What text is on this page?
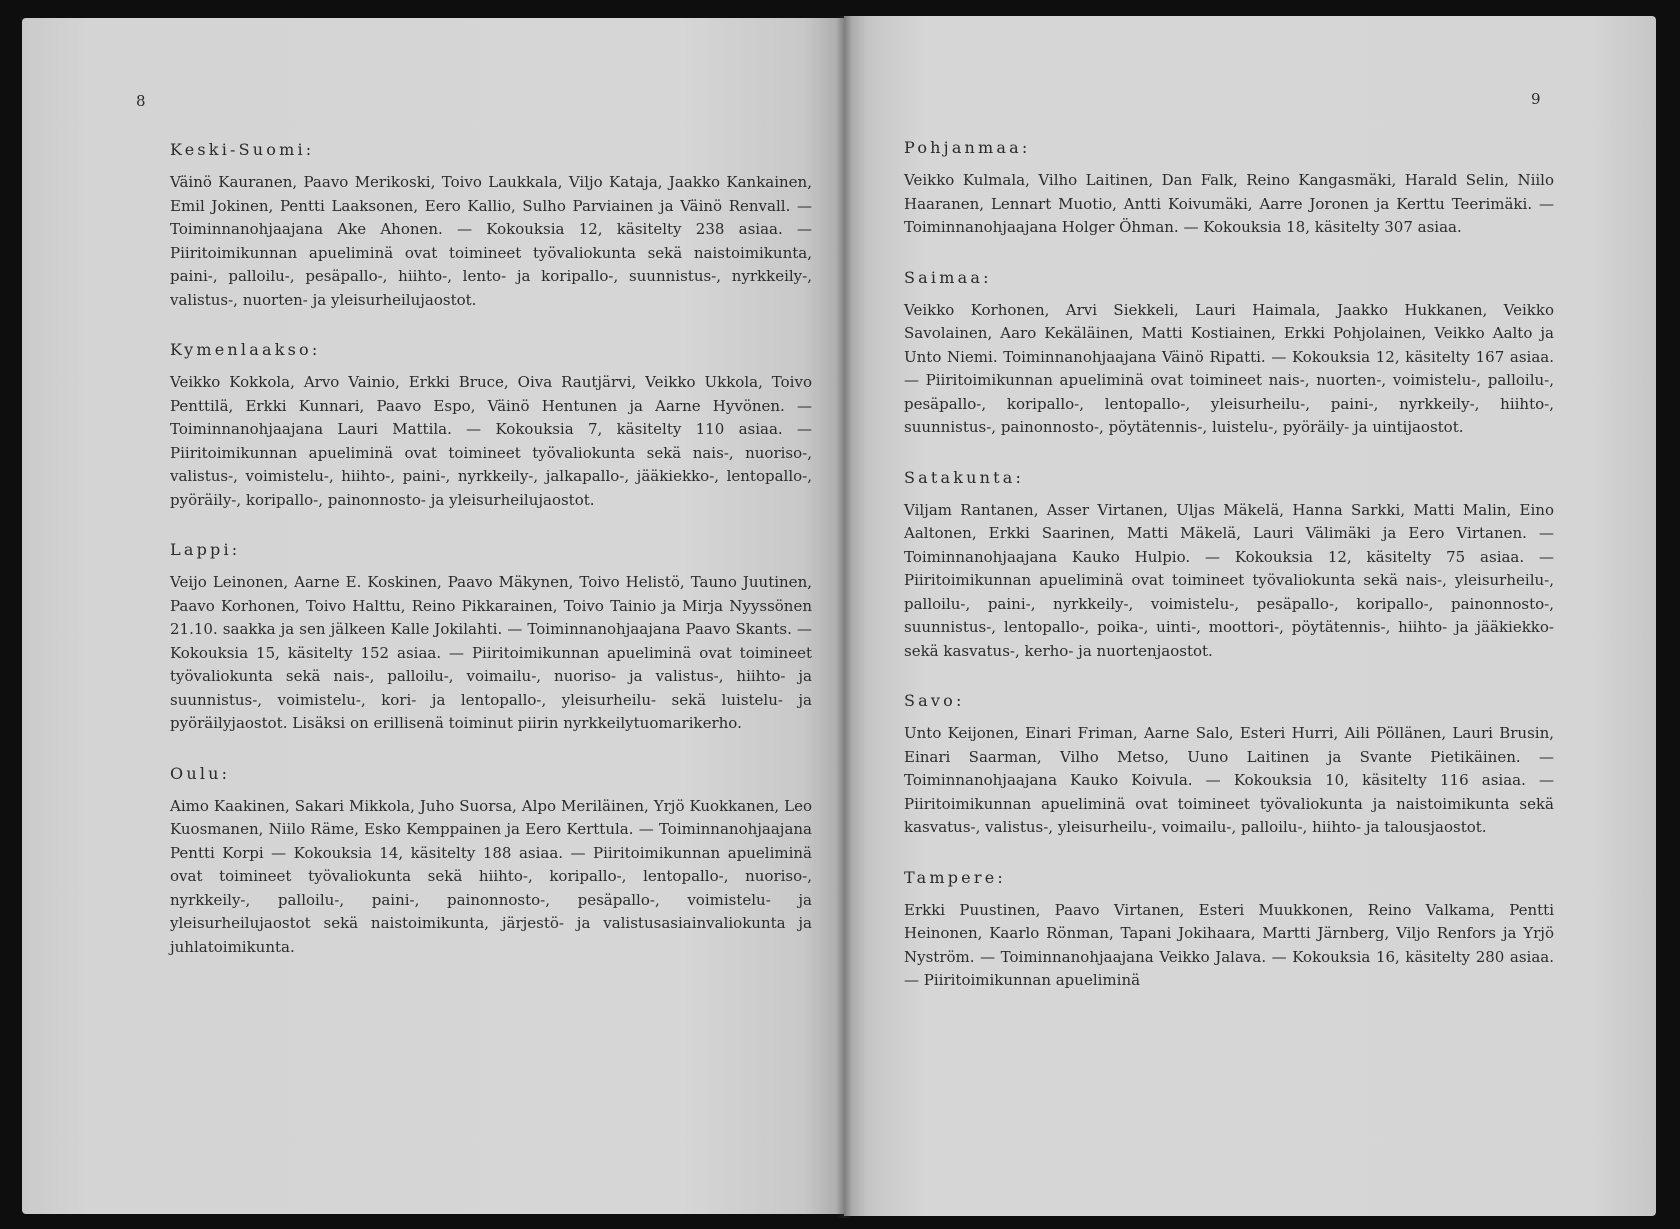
8

Keski-Suomi:

Väinö Kauranen, Paavo Merikoski, Toivo Laukkala, Viljo Kataja, Jaakko Kankainen, Emil Jokinen, Pentti Laaksonen, Eero Kallio, Sulho Parviainen ja Väinö Renvall. — Toiminnanohjaajana Ake Ahonen. — Kokouksia 12, käsitelty 238 asiaa. — Piiritoimikunnan apueliminä ovat toimineet työvaliokunta sekä naistoimikunta, paini-, palloilu-, pesäpallo-, hiihto-, lento- ja koripallo-, suunnistus-, nyrkkeily-, valistus-, nuorten- ja yleisurheilujaostot.

Kymenlaakso:

Veikko Kokkola, Arvo Vainio, Erkki Bruce, Oiva Rautjärvi, Veikko Ukkola, Toivo Penttilä, Erkki Kunnari, Paavo Espo, Väinö Hentunen ja Aarne Hyvönen. — Toiminnanohjaajana Lauri Mattila. — Kokouksia 7, käsitelty 110 asiaa. — Piiritoimikunnan apueliminä ovat toimineet työvaliokunta sekä nais-, nuoriso-, valistus-, voimistelu-, hiihto-, paini-, nyrkkeily-, jalkapallo-, jääkiekko-, lentopallo-, pyöräily-, koripallo-, painonnosto- ja yleisurheilujaostot.

Lappi:

Veijo Leinonen, Aarne E. Koskinen, Paavo Mäkynen, Toivo Helistö, Tauno Juutinen, Paavo Korhonen, Toivo Halttu, Reino Pikkarainen, Toivo Tainio ja Mirja Nyyssönen 21.10. saakka ja sen jälkeen Kalle Jokilahti. — Toiminnanohjaajana Paavo Skants. — Kokouksia 15, käsitelty 152 asiaa. — Piiritoimikunnan apueliminä ovat toimineet työvaliokunta sekä nais-, palloilu-, voimailu-, nuoriso- ja valistus-, hiihto- ja suunnistus-, voimistelu-, kori- ja lentopallo-, yleisurheilu- sekä luistelu- ja pyöräilyjaostot. Lisäksi on erillisenä toiminut piirin nyrkkeilytuomarikerho.

Oulu:

Aimo Kaakinen, Sakari Mikkola, Juho Suorsa, Alpo Meriläinen, Yrjö Kuokkanen, Leo Kuosmanen, Niilo Räme, Esko Kemppainen ja Eero Kerttula. — Toiminnanohjaajana Pentti Korpi — Kokouksia 14, käsitelty 188 asiaa. — Piiritoimikunnan apueliminä ovat toimineet työvaliokunta sekä hiihto-, koripallo-, lentopallo-, nuoriso-, nyrkkeily-, palloilu-, paini-, painonnosto-, pesäpallo-, voimistelu- ja yleisurheilujaostot sekä naistoimikunta, järjestö- ja valistusasiainvaliokunta ja juhlatoimikunta.

9

Pohjanmaa:

Veikko Kulmala, Vilho Laitinen, Dan Falk, Reino Kangasmäki, Harald Selin, Niilo Haaranen, Lennart Muotio, Antti Koivumäki, Aarre Joronen ja Kerttu Teerimäki. — Toiminnanohjaajana Holger Öhman. — Kokouksia 18, käsitelty 307 asiaa.

Saimaa:

Veikko Korhonen, Arvi Siekkeli, Lauri Haimala, Jaakko Hukkanen, Veikko Savolainen, Aaro Kekäläinen, Matti Kostiainen, Erkki Pohjolainen, Veikko Aalto ja Unto Niemi. Toiminnanohjaajana Väinö Ripatti. — Kokouksia 12, käsitelty 167 asiaa. — Piiritoimikunnan apueliminä ovat toimineet nais-, nuorten-, voimistelu-, palloilu-, pesäpallo-, koripallo-, lentopallo-, yleisurheilu-, paini-, nyrkkeily-, hiihto-, suunnistus-, painonnosto-, pöytätennis-, luistelu-, pyöräily- ja uintijaostot.

Satakunta:

Viljam Rantanen, Asser Virtanen, Uljas Mäkelä, Hanna Sarkki, Matti Malin, Eino Aaltonen, Erkki Saarinen, Matti Mäkelä, Lauri Välimäki ja Eero Virtanen. — Toiminnanohjaajana Kauko Hulpio. — Kokouksia 12, käsitelty 75 asiaa. — Piiritoimikunnan apueliminä ovat toimineet työvaliokunta sekä nais-, yleisurheilu-, palloilu-, paini-, nyrkkeily-, voimistelu-, pesäpallo-, koripallo-, painonnosto-, suunnistus-, lentopallo-, poika-, uinti-, moottori-, pöytätennis-, hiihto- ja jääkiekko- sekä kasvatus-, kerho- ja nuortenjaostot.

Savo:

Unto Keijonen, Einari Friman, Aarne Salo, Esteri Hurri, Aili Pöllänen, Lauri Brusin, Einari Saarman, Vilho Metso, Uuno Laitinen ja Svante Pietikäinen. — Toiminnanohjaajana Kauko Koivula. — Kokouksia 10, käsitelty 116 asiaa. — Piiritoimikunnan apueliminä ovat toimineet työvaliokunta ja naistoimikunta sekä kasvatus-, valistus-, yleisurheilu-, voimailu-, palloilu-, hiihto- ja talousjaostot.

Tampere:

Erkki Puustinen, Paavo Virtanen, Esteri Muukkonen, Reino Valkama, Pentti Heinonen, Kaarlo Rönman, Tapani Jokihaara, Martti Järnberg, Viljo Renfors ja Yrjö Nyström. — Toiminnanohjaajana Veikko Jalava. — Kokouksia 16, käsitelty 280 asiaa. — Piiritoimikunnan apueliminä
